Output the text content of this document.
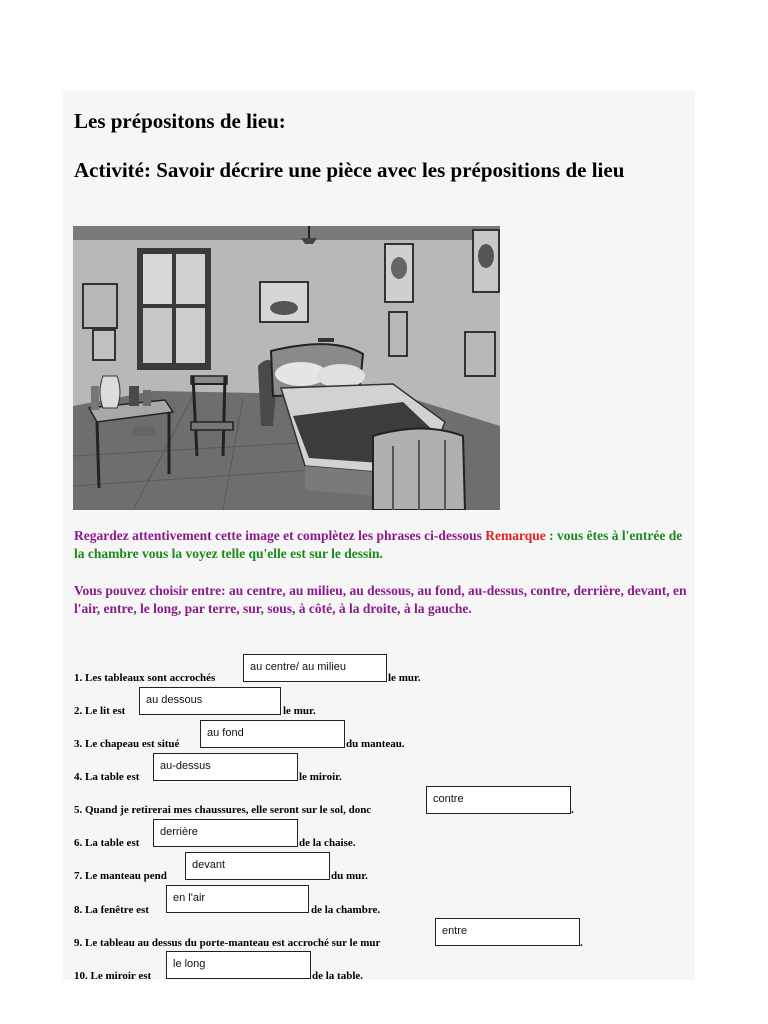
Les prépositons de lieu:
Activité: Savoir décrire une pièce avec les prépositions de lieu

Regardez attentivement cette image et complètez les phrases ci-dessous Remarque : vous êtes à l'entrée de la chambre vous la voyez telle qu'elle est sur le dessin.

Vous pouvez choisir entre: au centre, au milieu, au dessous, au fond, au-dessus, contre, derrière, devant, en l'air, entre, le long, par terre, sur, sous, à côté, à la droite, à la gauche.

1. Les tableaux sont accrochés
au centre/ au milieu
le mur.
2. Le lit est
au dessous
le mur.
3. Le chapeau est situé
au fond
du manteau.
4. La table est
au-dessus
le miroir.
5. Quand je retirerai mes chaussures, elle seront sur le sol, donc
contre
.
6. La table est
derrière
de la chaise.
7. Le manteau pend
devant
du mur.
8. La fenêtre est
en l'air
de la chambre.
9. Le tableau au dessus du porte-manteau est accroché sur le mur
entre
.
10. Le miroir est
le long
de la table.
